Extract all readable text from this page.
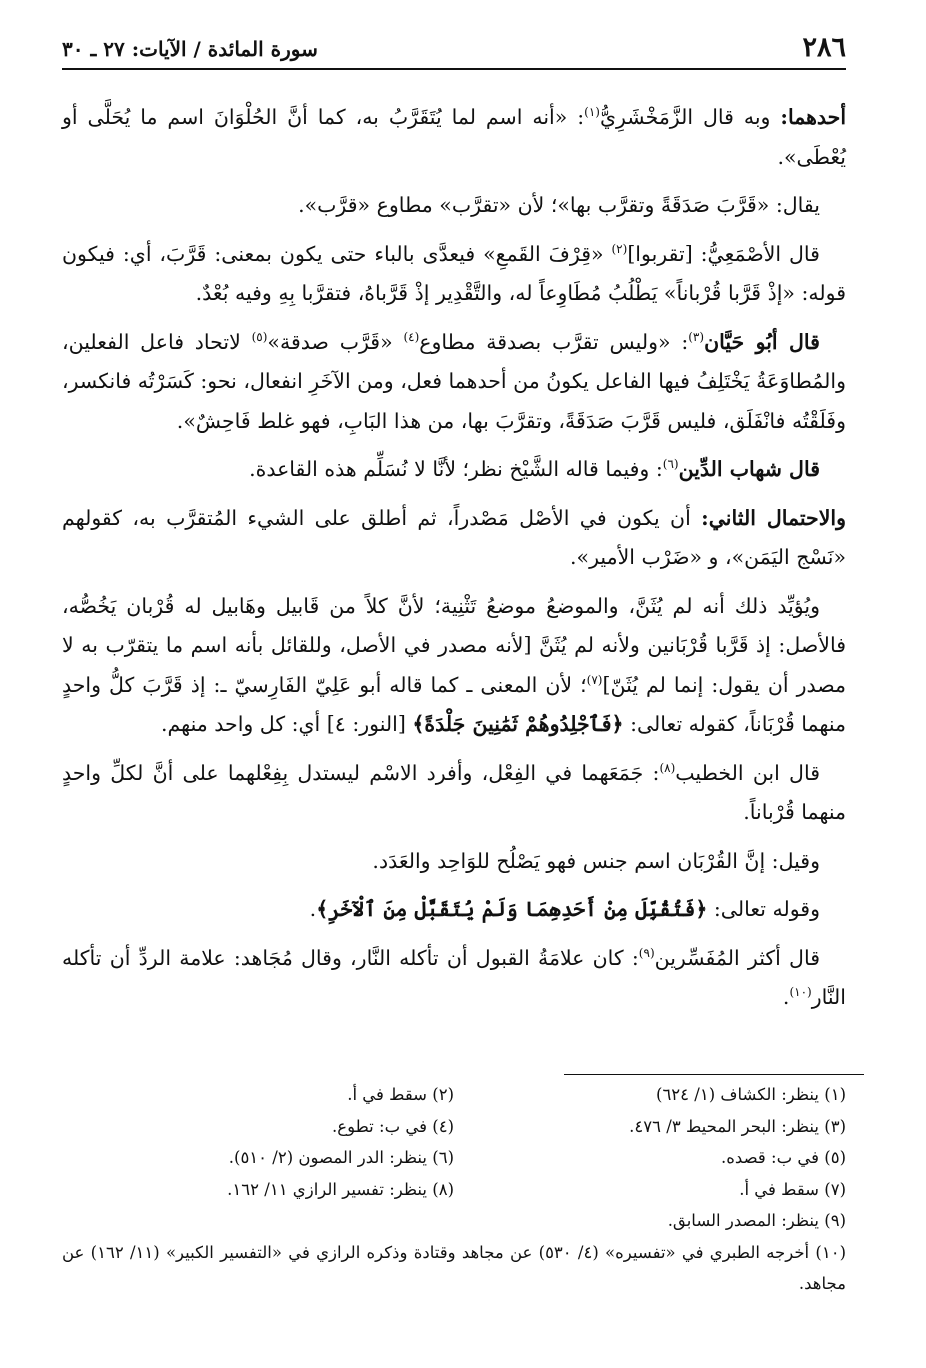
٢٨٦
سورة المائدة / الآيات: ٢٧ ـ ٣٠

أحدهما: وبه قال الزَّمَخْشَرِيُّ$^{(١)}$: «أنه اسم لما يُتَقَرَّبُ به، كما أنَّ الحُلْوَانَ اسم ما يُحَلَّى أو يُعْطَى».

يقال: «قَرَّبَ صَدَقَةً وتقرَّب بها»؛ لأن «تقرَّب» مطاوع «قرَّب».

قال الأصْمَعِيُّ: [تقربوا]$^{(٢)}$ «قِرْفَ القَمعِ» فيعدَّى بالباء حتى يكون بمعنى: قَرَّبَ، أي: فيكون قوله: «إذْ قَرَّبا قُرْباناً» يَطْلُبُ مُطَاوِعاً له، والتَّقْدِير إذْ قَرَّباهُ، فتقرَّبا بِهِ وفيه بُعْدٌ.

قال أبُو حَيَّان$^{(٣)}$: «وليس تقرَّب بصدقة مطاوع$^{(٤)}$ «قَرَّب صدقة»$^{(٥)}$ لاتحاد فاعل الفعلين، والمُطاوَعَةُ يَخْتَلِفُ فيها الفاعل يكونُ من أحدهما فعل، ومن الآخَرِ انفعال، نحو: كَسَرْتُه فانكسر، وفَلَقْتُه فانْفَلَق، فليس قَرَّبَ صَدَقَةً، وتقرَّبَ بها، من هذا البَابِ، فهو غلط فَاحِشٌ».

قال شهاب الدِّين$^{(٦)}$: وفيما قاله الشَّيْخ نظر؛ لأنَّا لا نُسَلِّم هذه القاعدة.

والاحتمال الثاني: أن يكون في الأصْل مَصْدراً، ثم أطلق على الشيء المُتقرَّب به، كقولهم «نَسْج اليَمَن»، و «ضَرْب الأمير».

ويُؤيِّد ذلك أنه لم يُثَنَّ، والموضعُ موضعُ تَثْنِية؛ لأنَّ كلاً من قَابيل وهَابيل له قُرْبان يَخُصُّه، فالأصل: إذ قَرَّبا قُرْبَانين ولأنه لم يُثَنَّ [لأنه مصدر في الأصل، وللقائل بأنه اسم ما يتقرّب به لا مصدر أن يقول: إنما لم يُثَنّ]$^{(٧)}$؛ لأن المعنى ـ كما قاله أبو عَلِيّ الفَارِسيّ ـ: إذ قَرَّبَ كلُّ واحدٍ منهما قُرْبَاناً، كقوله تعالى: ﴿فَٱجْلِدُوهُمْ ثَمَٰنِينَ جَلْدَةً﴾ [النور: ٤] أي: كل واحد منهم.

قال ابن الخطيب$^{(٨)}$: جَمَعَهما في الفِعْل، وأفرد الاسْم ليستدل بِفِعْلهما على أنَّ لكلِّ واحدٍ منهما قُرْباناً.

وقيل: إنَّ القُرْبَان اسم جنس فهو يَصْلُح للوَاحِد والعَدَد.

وقوله تعالى: ﴿فَتُقُبِّلَ مِنْ أَحَدِهِمَا وَلَمْ يُتَقَبَّلْ مِنَ ٱلْآخَرِ﴾.

قال أكثر المُفَسِّرين$^{(٩)}$: كان علامَةُ القبول أن تأكله النَّار، وقال مُجَاهد: علامة الردِّ أن تأكله النَّار$^{(١٠)}$.

(١) ينظر: الكشاف (١/ ٦٢٤)
(٢) سقط في أ.
(٣) ينظر: البحر المحيط ٣/ ٤٧٦.
(٤) في ب: تطوع.
(٥) في ب: قصده.
(٦) ينظر: الدر المصون (٢/ ٥١٠).
(٧) سقط في أ.
(٨) ينظر: تفسير الرازي ١١/ ١٦٢.
(٩) ينظر: المصدر السابق.
(١٠) أخرجه الطبري في «تفسيره» (٤/ ٥٣٠) عن مجاهد وقتادة وذكره الرازي في «التفسير الكبير» (١١/ ١٦٢) عن مجاهد.
